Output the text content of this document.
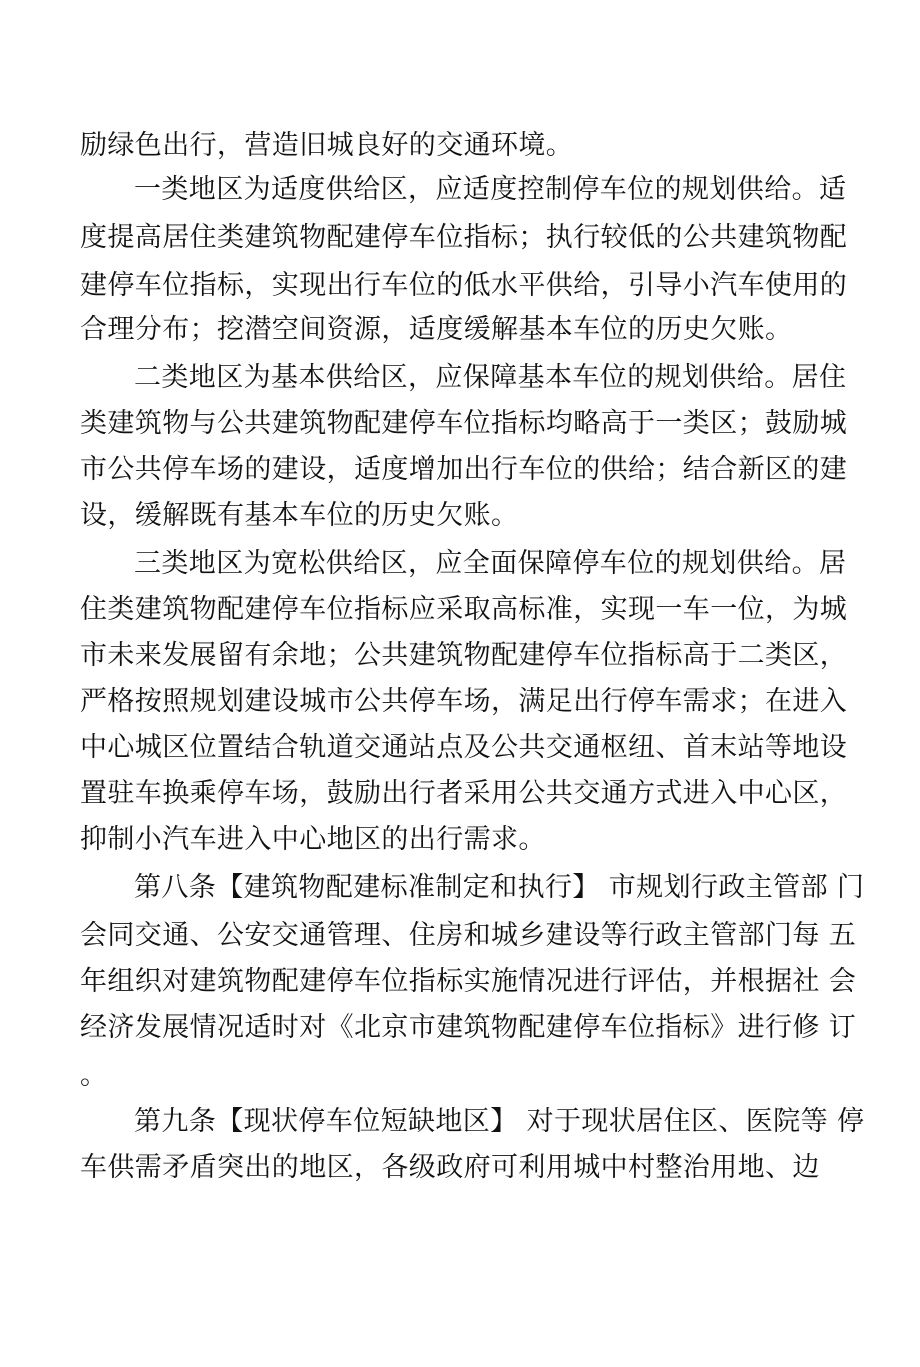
励绿色出行，营造旧城良好的交通环境。
一类地区为适度供给区，应适度控制停车位的规划供给。适
度提高居住类建筑物配建停车位指标；执行较低的公共建筑物配
建停车位指标，实现出行车位的低水平供给，引导小汽车使用的
合理分布；挖潜空间资源，适度缓解基本车位的历史欠账。
二类地区为基本供给区，应保障基本车位的规划供给。居住
类建筑物与公共建筑物配建停车位指标均略高于一类区；鼓励城
市公共停车场的建设，适度增加出行车位的供给；结合新区的建
设，缓解既有基本车位的历史欠账。
三类地区为宽松供给区，应全面保障停车位的规划供给。居
住类建筑物配建停车位指标应采取高标准，实现一车一位，为城
市未来发展留有余地；公共建筑物配建停车位指标高于二类区，
严格按照规划建设城市公共停车场，满足出行停车需求；在进入
中心城区位置结合轨道交通站点及公共交通枢纽、首末站等地设
置驻车换乘停车场，鼓励出行者采用公共交通方式进入中心区，
抑制小汽车进入中心地区的出行需求。
第八条【建筑物配建标准制定和执行】 市规划行政主管部 门
会同交通、公安交通管理、住房和城乡建设等行政主管部门每 五
年组织对建筑物配建停车位指标实施情况进行评估，并根据社 会
经济发展情况适时对《北京市建筑物配建停车位指标》进行修 订
。
第九条【现状停车位短缺地区】 对于现状居住区、医院等 停
车供需矛盾突出的地区，各级政府可利用城中村整治用地、边
